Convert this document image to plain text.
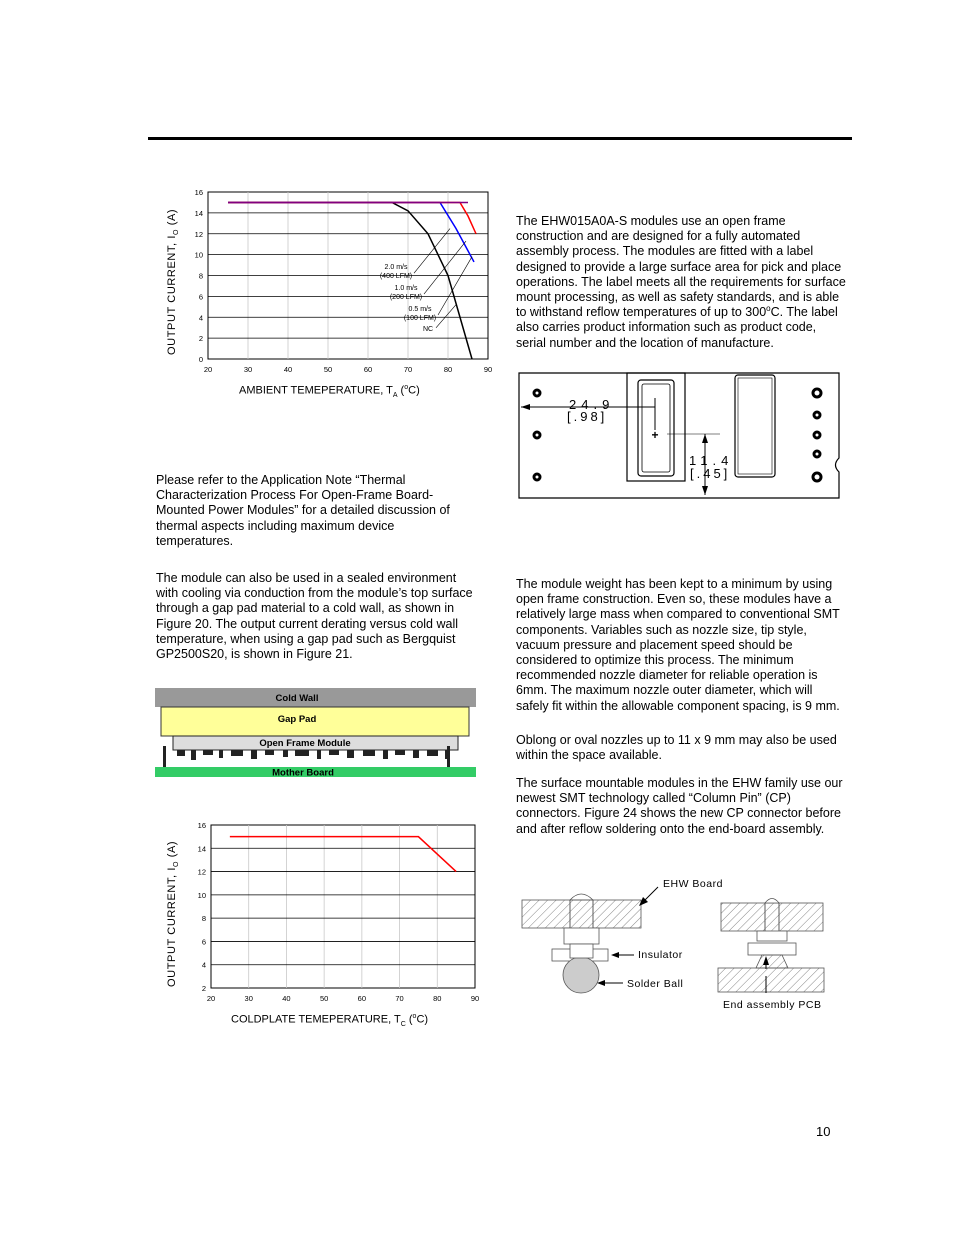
OUTPUT CURRENT, $I_O$ (A)
20	30	40	50	60	70	80	90
0
2
4
6
8
10
12
14
16
2.0 m/s
(400 LFM)
1.0 m/s
(200 LFM)
0.5 m/s
(100 LFM)
NC
AMBIENT TEMEPERATURE, $T_A$ ($^o$C)
Please refer to the Application Note “Thermal Characterization Process For Open-Frame Board-Mounted Power Modules” for a detailed discussion of thermal aspects including maximum device temperatures.
The module can also be used in a sealed environment with cooling via conduction from the module’s top surface through a gap pad material to a cold wall, as shown in Figure 20. The output current derating versus cold wall temperature, when using a gap pad such as Bergquist GP2500S20, is shown in Figure 21.
Cold Wall
Gap Pad
Open Frame Module
Mother Board
OUTPUT CURRENT, $I_O$ (A)
20	30	40	50	60	70	80	90
2
4
6
8
10
12
14
16
COLDPLATE TEMEPERATURE, $T_C$ ($^o$C)
The EHW015A0A-S modules use an open frame construction and are designed for a fully automated assembly process. The modules are fitted with a label designed to provide a large surface area for pick and place operations. The label meets all the requirements for surface mount processing, as well as safety standards, and is able to withstand reflow temperatures of up to 300$^o$C. The label also carries product information such as product code, serial number and the location of manufacture.
+
24.9
[.98]
11.4
[.45]
The module weight has been kept to a minimum by using open frame construction. Even so, these modules have a relatively large mass when compared to conventional SMT components. Variables such as nozzle size, tip style, vacuum pressure and placement speed should be considered to optimize this process. The minimum recommended nozzle diameter for reliable operation is 6mm. The maximum nozzle outer diameter, which will safely fit within the allowable component spacing, is 9 mm.
Oblong or oval nozzles up to 11 x 9 mm may also be used within the space available.
The surface mountable modules in the EHW family use our newest SMT technology called “Column Pin” (CP) connectors. Figure 24 shows the new CP connector before and after reflow soldering onto the end-board assembly.
EHW Board
Insulator
Solder Ball
End assembly PCB
10
